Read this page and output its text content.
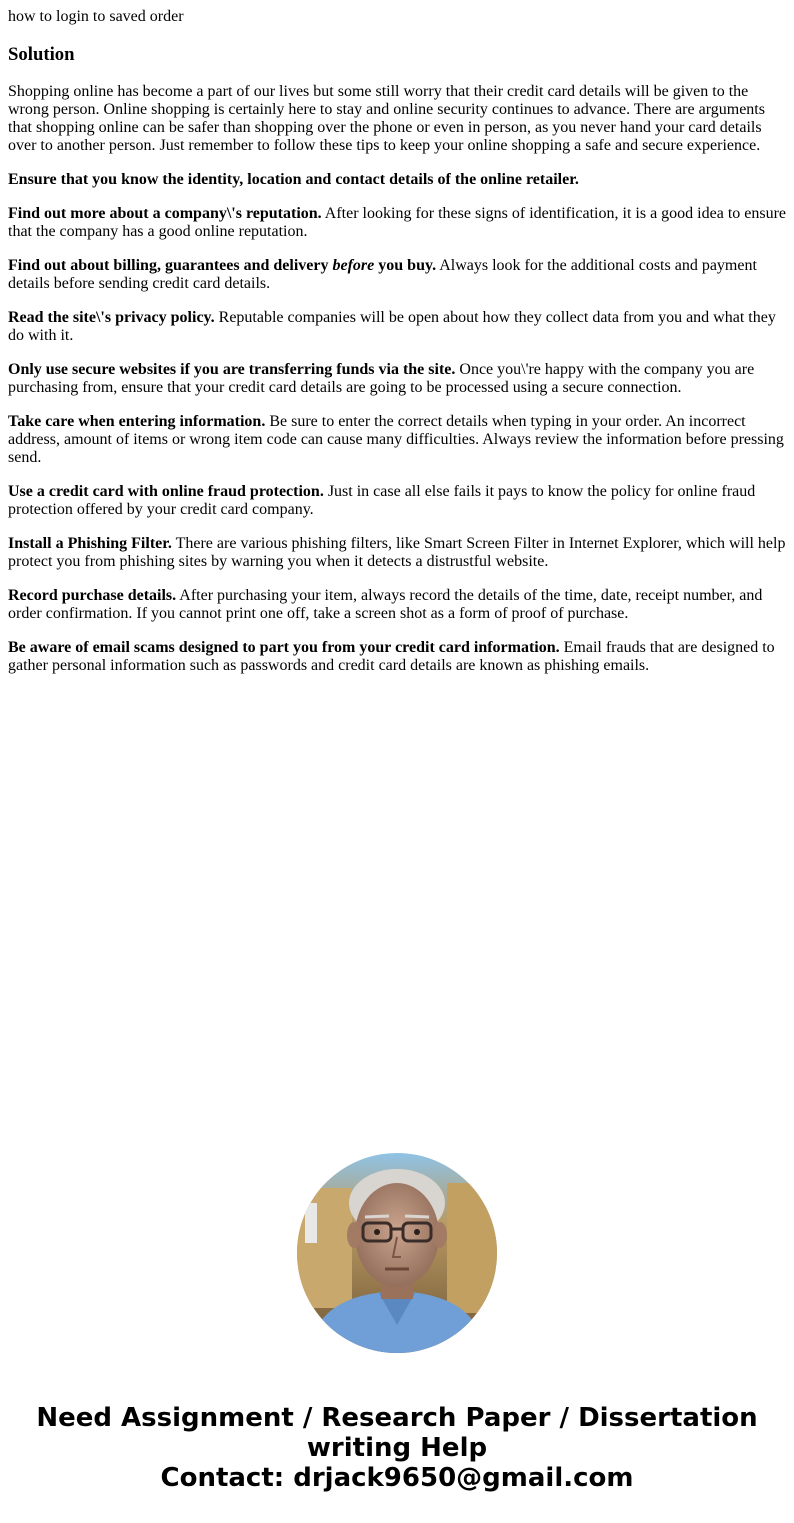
how to login to saved order
Solution

Shopping online has become a part of our lives but some still worry that their credit card details will be given to the wrong person. Online shopping is certainly here to stay and online security continues to advance. There are arguments that shopping online can be safer than shopping over the phone or even in person, as you never hand your card details over to another person. Just remember to follow these tips to keep your online shopping a safe and secure experience.

Ensure that you know the identity, location and contact details of the online retailer.

Find out more about a company\'s reputation. After looking for these signs of identification, it is a good idea to ensure that the company has a good online reputation.

Find out about billing, guarantees and delivery before you buy. Always look for the additional costs and payment details before sending credit card details.

Read the site\'s privacy policy. Reputable companies will be open about how they collect data from you and what they do with it.

Only use secure websites if you are transferring funds via the site. Once you\'re happy with the company you are purchasing from, ensure that your credit card details are going to be processed using a secure connection.

Take care when entering information. Be sure to enter the correct details when typing in your order. An incorrect address, amount of items or wrong item code can cause many difficulties. Always review the information before pressing send.

Use a credit card with online fraud protection. Just in case all else fails it pays to know the policy for online fraud protection offered by your credit card company.

Install a Phishing Filter. There are various phishing filters, like Smart Screen Filter in Internet Explorer, which will help protect you from phishing sites by warning you when it detects a distrustful website.

Record purchase details. After purchasing your item, always record the details of the time, date, receipt number, and order confirmation. If you cannot print one off, take a screen shot as a form of proof of purchase.

Be aware of email scams designed to part you from your credit card information. Email frauds that are designed to gather personal information such as passwords and credit card details are known as phishing emails.

Need Assignment / Research Paper / Dissertation
writing Help
Contact: drjack9650@gmail.com
